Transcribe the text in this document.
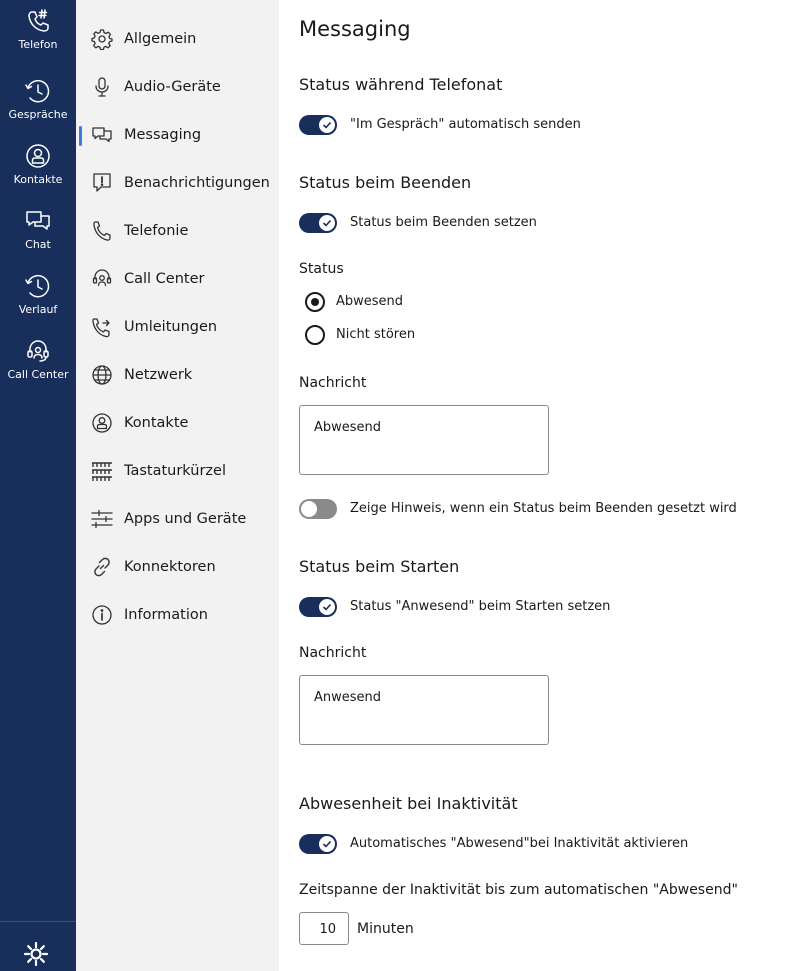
Telefon
Gespräche
Kontakte
Chat
Verlauf
Call Center
Allgemein
Audio-Geräte
Messaging
Benachrichtigungen
Telefonie
Call Center
Umleitungen
Netzwerk
Kontakte
Tastaturkürzel
Apps und Geräte
Konnektoren
Information
Messaging
Status während Telefonat
"Im Gespräch" automatisch senden
Status beim Beenden
Status beim Beenden setzen
Status
Abwesend
Nicht stören
Nachricht
Abwesend
Zeige Hinweis, wenn ein Status beim Beenden gesetzt wird
Status beim Starten
Status "Anwesend" beim Starten setzen
Nachricht
Anwesend
Abwesenheit bei Inaktivität
Automatisches "Abwesend"bei Inaktivität aktivieren
Zeitspanne der Inaktivität bis zum automatischen "Abwesend"
10	Minuten
